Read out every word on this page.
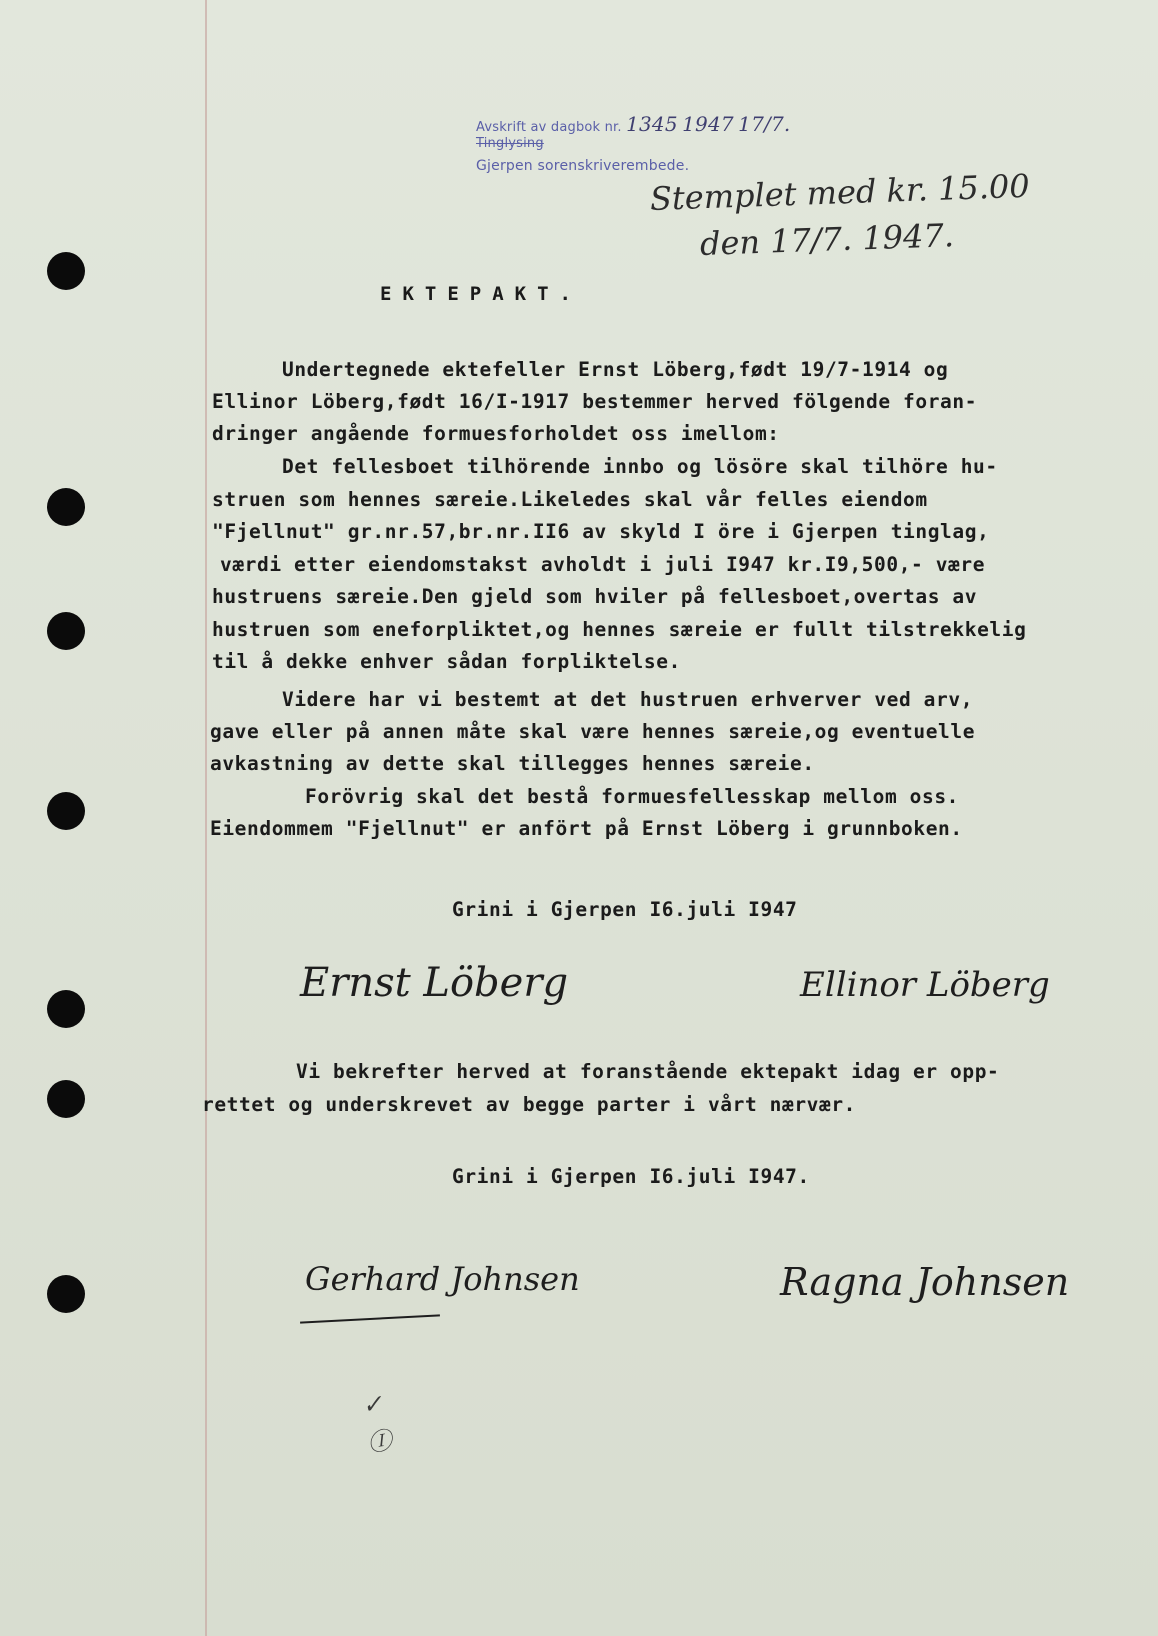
Avskrift av dagbok nr. 1345 1947 17/7.
Tinglysing
Gjerpen sorenskriverembede.
Stemplet med kr. 15.00
den 17/7. 1947.
EKTEPAKT.
Undertegnede ektefeller Ernst Löberg,født 19/7-1914 og
Ellinor Löberg,født 16/I-1917 bestemmer herved fölgende foran-
dringer angående formuesforholdet oss imellom:
Det fellesboet tilhörende innbo og lösöre skal tilhöre hu-
struen som hennes særeie.Likeledes skal vår felles eiendom
"Fjellnut" gr.nr.57,br.nr.II6 av skyld I öre i Gjerpen tinglag,
værdi etter eiendomstakst avholdt i juli I947 kr.I9,500,- være
hustruens særeie.Den gjeld som hviler på fellesboet,overtas av
hustruen som eneforpliktet,og hennes særeie er fullt tilstrekkelig
til å dekke enhver sådan forpliktelse.
Videre har vi bestemt at det hustruen erhverver ved arv,
gave eller på annen måte skal være hennes særeie,og eventuelle
avkastning av dette skal tillegges hennes særeie.
Forövrig skal det bestå formuesfellesskap mellom oss.
Eiendommem "Fjellnut" er anfört på Ernst Löberg i grunnboken.
Grini i Gjerpen I6.juli I947
Ernst Löberg	Ellinor Löberg
Vi bekrefter herved at foranstående ektepakt idag er opp-
rettet og underskrevet av begge parter i vårt nærvær.
Grini i Gjerpen I6.juli I947.
Gerhard Johnsen	Ragna Johnsen
✓
Ⓘ
